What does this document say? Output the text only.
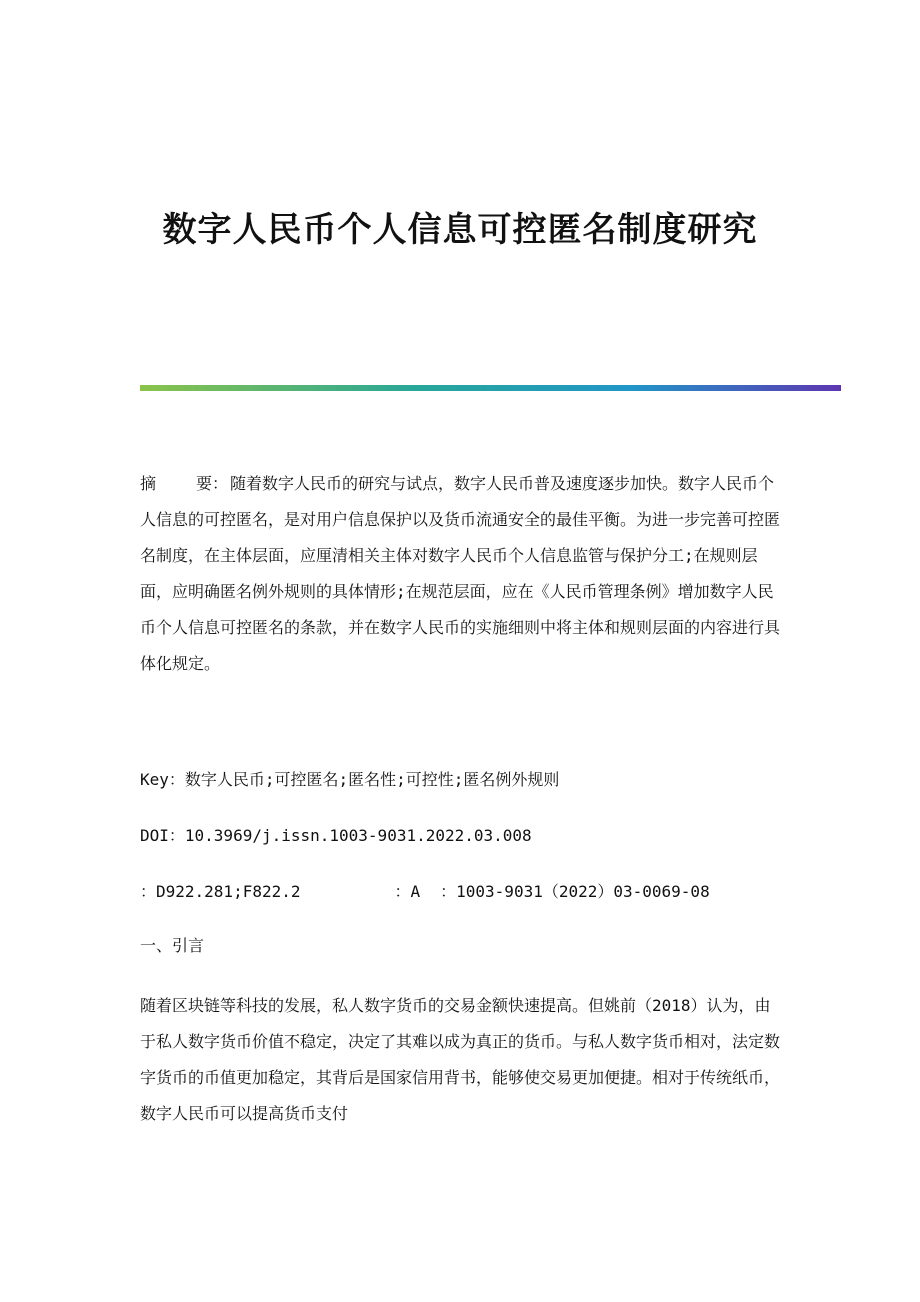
数字人民币个人信息可控匿名制度研究
摘	要： 随着数字人民币的研究与试点，数字人民币普及速度逐步加快。数字人民币个人信息的可控匿名，是对用户信息保护以及货币流通安全的最佳平衡。为进一步完善可控匿名制度，在主体层面，应厘清相关主体对数字人民币个人信息监管与保护分工;在规则层面，应明确匿名例外规则的具体情形;在规范层面，应在《人民币管理条例》增加数字人民币个人信息可控匿名的条款，并在数字人民币的实施细则中将主体和规则层面的内容进行具体化规定。
Key：数字人民币;可控匿名;匿名性;可控性;匿名例外规则
DOI：10.3969/j.issn.1003-9031.2022.03.008
：D922.281;F822.2	：A ：1003-9031（2022）03-0069-08
一、引言
随着区块链等科技的发展，私人数字货币的交易金额快速提高。但姚前（2018）认为，由于私人数字货币价值不稳定，决定了其难以成为真正的货币。与私人数字货币相对，法定数字货币的币值更加稳定，其背后是国家信用背书，能够使交易更加便捷。相对于传统纸币，数字人民币可以提高货币支付
